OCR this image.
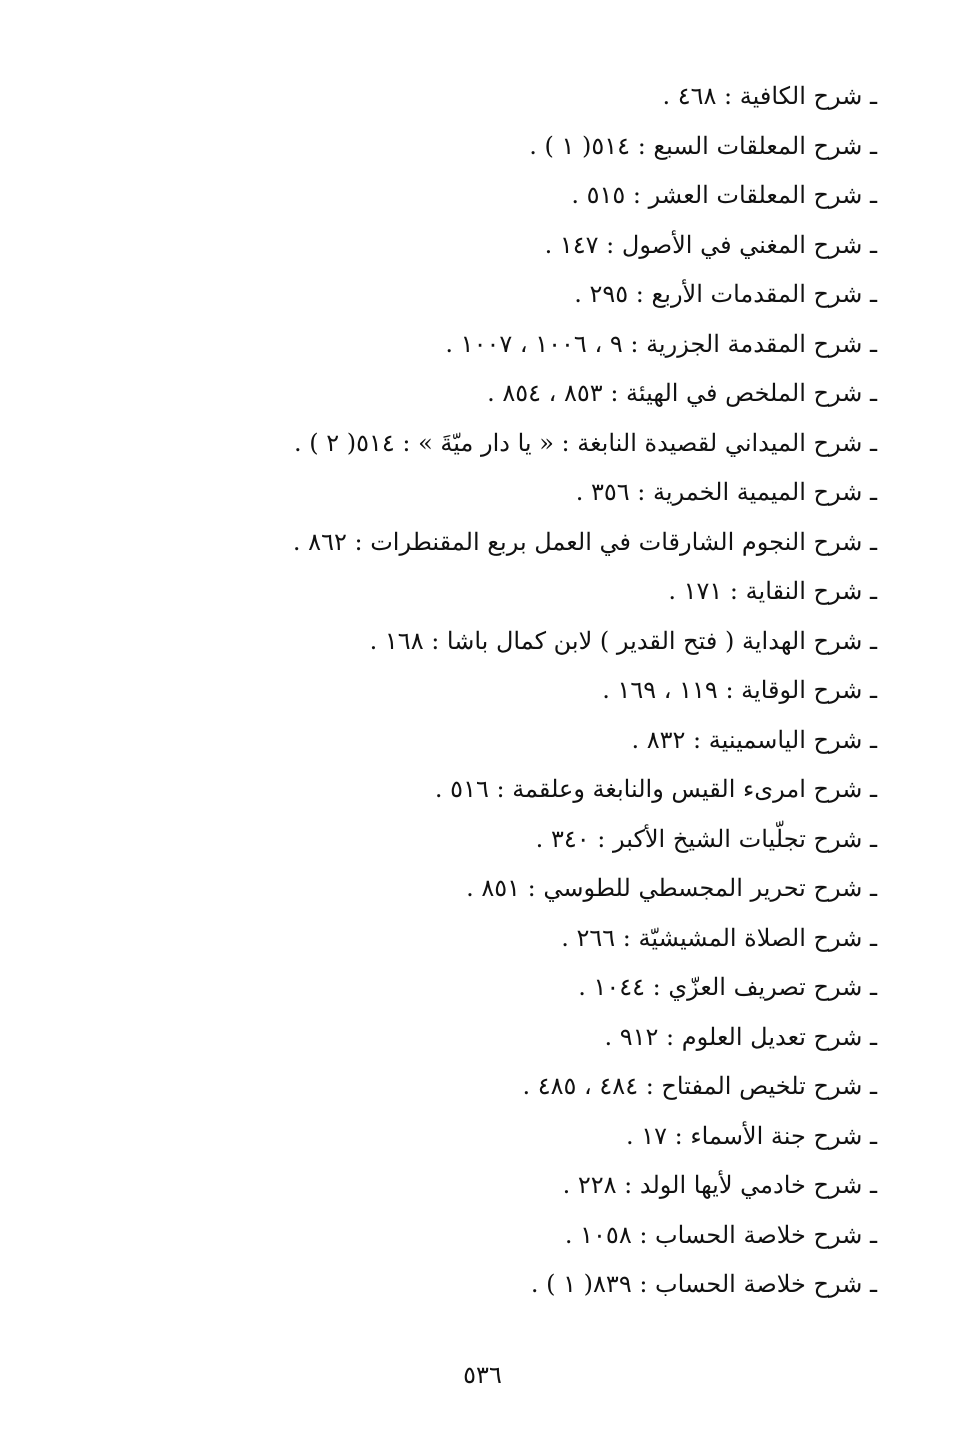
ـ شرح الكافية : ٤٦٨ .
ـ شرح المعلقات السبع : ٥١٤( ١ ) .
ـ شرح المعلقات العشر : ٥١٥ .
ـ شرح المغني في الأصول : ١٤٧ .
ـ شرح المقدمات الأربع : ٢٩٥ .
ـ شرح المقدمة الجزرية : ٩ ، ١٠٠٦ ، ١٠٠٧ .
ـ شرح الملخص في الهيئة : ٨٥٣ ، ٨٥٤ .
ـ شرح الميداني لقصيدة النابغة : « يا دار ميّةَ » : ٥١٤( ٢ ) .
ـ شرح الميمية الخمرية : ٣٥٦ .
ـ شرح النجوم الشارقات في العمل بربع المقنطرات : ٨٦٢ .
ـ شرح النقاية : ١٧١ .
ـ شرح الهداية ( فتح القدير ) لابن كمال باشا : ١٦٨ .
ـ شرح الوقاية : ١١٩ ، ١٦٩ .
ـ شرح الياسمينية : ٨٣٢ .
ـ شرح امرىء القيس والنابغة وعلقمة : ٥١٦ .
ـ شرح تجلّيات الشيخ الأكبر : ٣٤٠ .
ـ شرح تحرير المجسطي للطوسي : ٨٥١ .
ـ شرح الصلاة المشيشيّة : ٢٦٦ .
ـ شرح تصريف العزّي : ١٠٤٤ .
ـ شرح تعديل العلوم : ٩١٢ .
ـ شرح تلخيص المفتاح : ٤٨٤ ، ٤٨٥ .
ـ شرح جنة الأسماء : ١٧ .
ـ شرح خادمي لأيها الولد : ٢٢٨ .
ـ شرح خلاصة الحساب : ١٠٥٨ .
ـ شرح خلاصة الحساب : ٨٣٩( ١ ) .
٥٣٦
